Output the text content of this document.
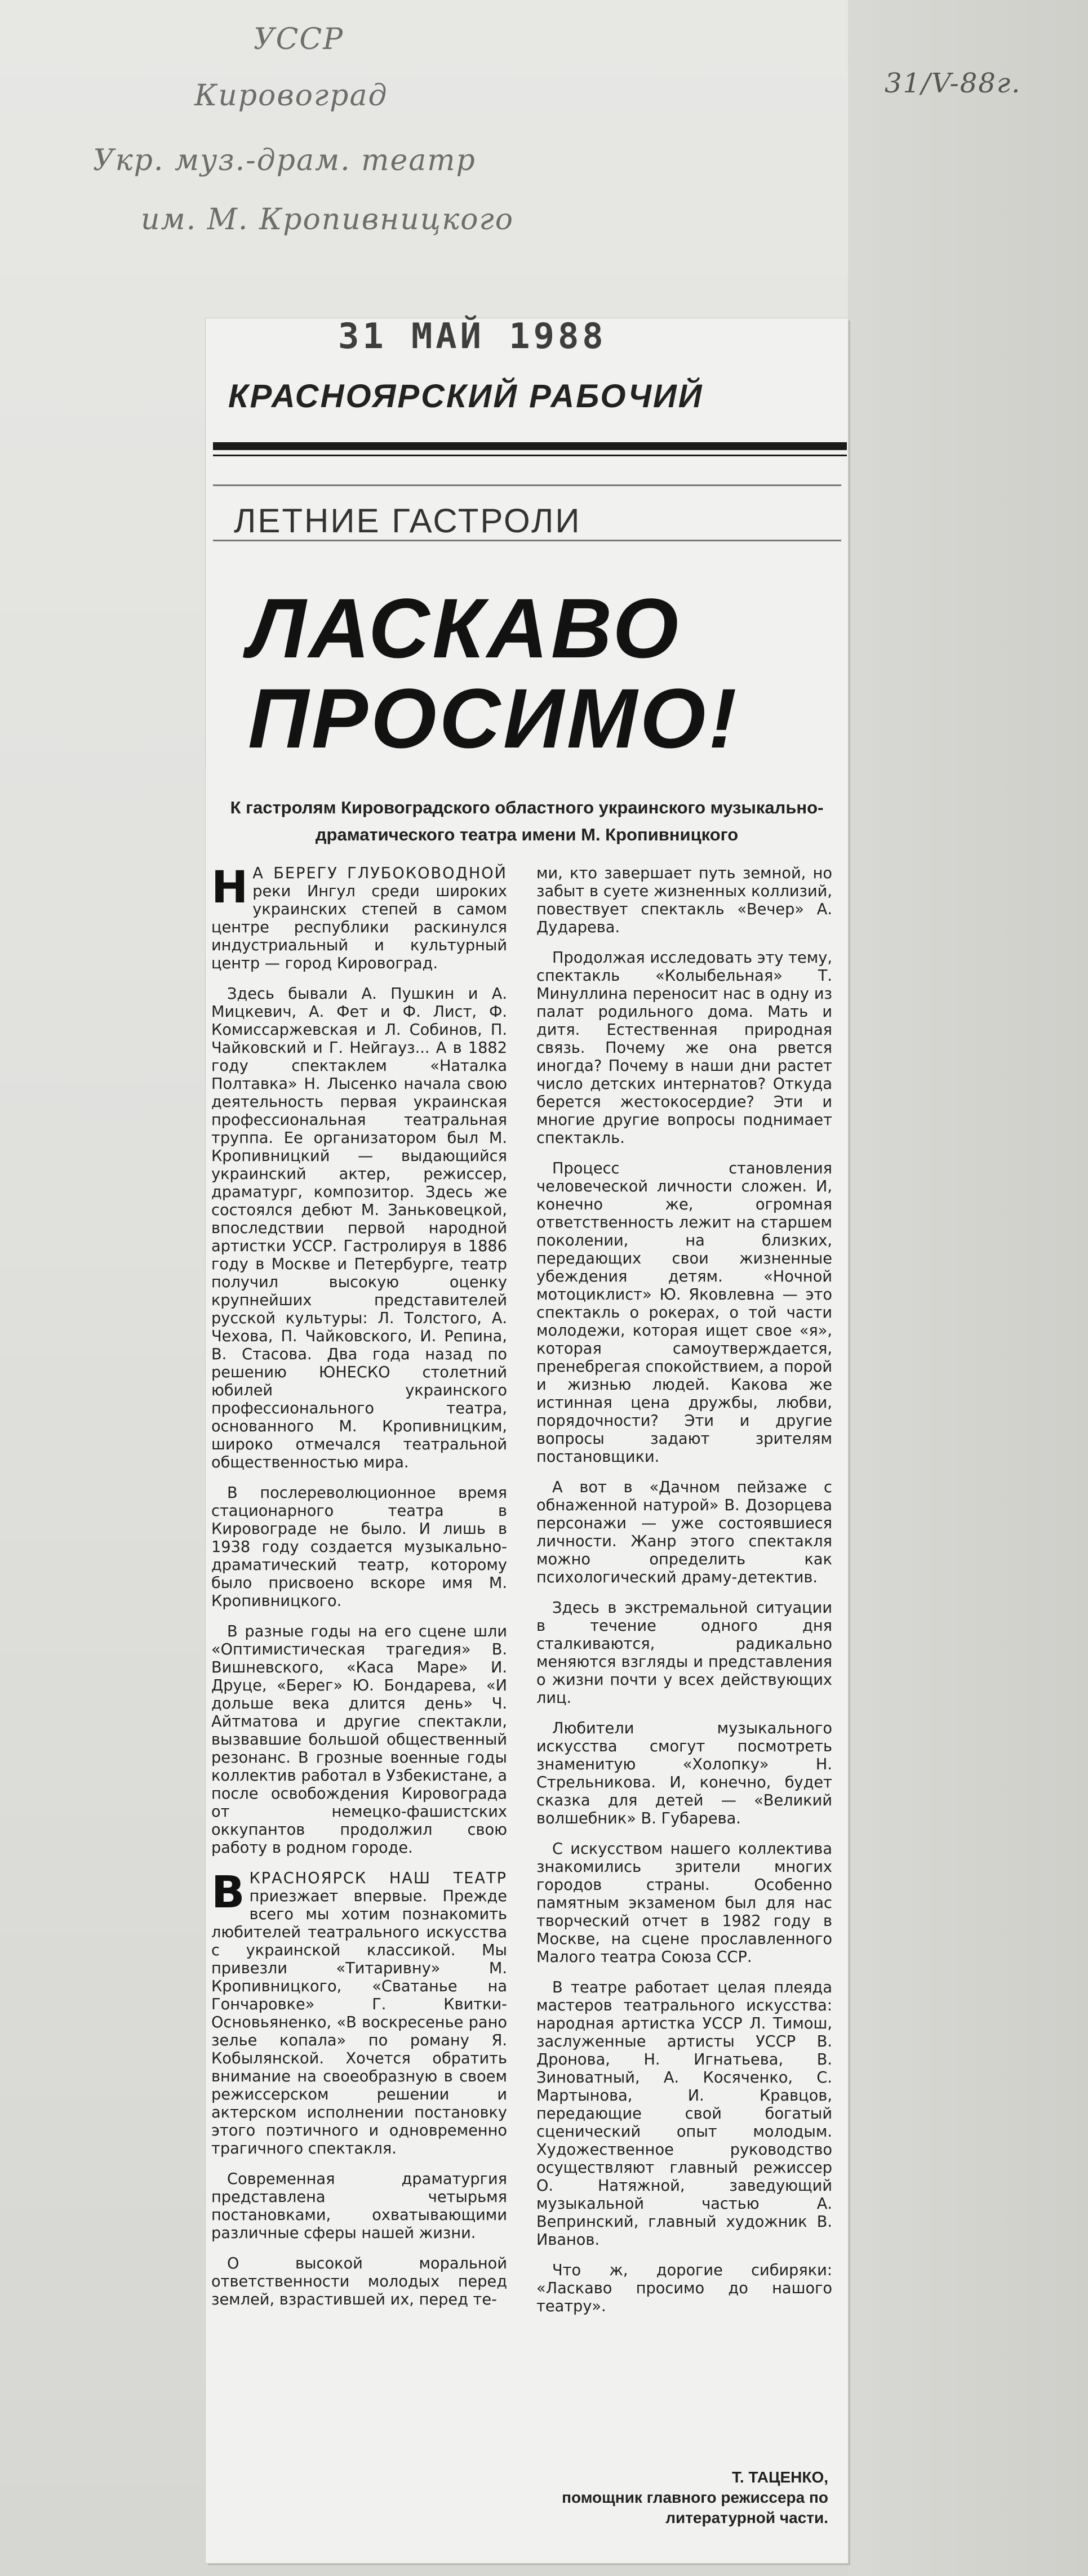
УССР
Кировоград
Укр. муз.-драм. театр
им. М. Кропивницкого
31/V-88г.
31 МАЙ 1988
КРАСНОЯРСКИЙ РАБОЧИЙ
ЛЕТНИЕ ГАСТРОЛИ
ЛАСКАВО
ПРОСИМО!
К гастролям Кировоградского областного украинского музыкально-драматического театра имени М. Кропивницкого

Н А БЕРЕГУ ГЛУБОКОВОДНОЙ реки Ингул среди широких украинских степей в самом центре республики раскинулся индустриальный и культурный центр — город Кировоград.

Здесь бывали А. Пушкин и А. Мицкевич, А. Фет и Ф. Лист, Ф. Комиссаржевская и Л. Собинов, П. Чайковский и Г. Нейгауз... А в 1882 году спектаклем «Наталка Полтавка» Н. Лысенко начала свою деятельность первая украинская профессиональная театральная труппа. Ее организатором был М. Кропивницкий — выдающийся украинский актер, режиссер, драматург, композитор. Здесь же состоялся дебют М. Заньковецкой, впоследствии первой народной артистки УССР. Гастролируя в 1886 году в Москве и Петербурге, театр получил высокую оценку крупнейших представителей русской культуры: Л. Толстого, А. Чехова, П. Чайковского, И. Репина, В. Стасова. Два года назад по решению ЮНЕСКО столетний юбилей украинского профессионального театра, основанного М. Кропивницким, широко отмечался театральной общественностью мира.

В послереволюционное время стационарного театра в Кировограде не было. И лишь в 1938 году создается музыкально-драматический театр, которому было присвоено вскоре имя М. Кропивницкого.

В разные годы на его сцене шли «Оптимистическая трагедия» В. Вишневского, «Каса Маре» И. Друце, «Берег» Ю. Бондарева, «И дольше века длится день» Ч. Айтматова и другие спектакли, вызвавшие большой общественный резонанс. В грозные военные годы коллектив работал в Узбекистане, а после освобождения Кировограда от немецко-фашистских оккупантов продолжил свою работу в родном городе.

В КРАСНОЯРСК НАШ ТЕАТР приезжает впервые. Прежде всего мы хотим познакомить любителей театрального искусства с украинской классикой. Мы привезли «Титаривну» М. Кропивницкого, «Сватанье на Гончаровке» Г. Квитки-Основьяненко, «В воскресенье рано зелье копала» по роману Я. Кобылянской. Хочется обратить внимание на своеобразную в своем режиссерском решении и актерском исполнении постановку этого поэтичного и одновременно трагичного спектакля.

Современная драматургия представлена четырьмя постановками, охватывающими различные сферы нашей жизни.

О высокой моральной ответственности молодых перед землей, взрастившей их, перед те-

ми, кто завершает путь земной, но забыт в суете жизненных коллизий, повествует спектакль «Вечер» А. Дударева.

Продолжая исследовать эту тему, спектакль «Колыбельная» Т. Минуллина переносит нас в одну из палат родильного дома. Мать и дитя. Естественная природная связь. Почему же она рвется иногда? Почему в наши дни растет число детских интернатов? Откуда берется жестокосердие? Эти и многие другие вопросы поднимает спектакль.

Процесс становления человеческой личности сложен. И, конечно же, огромная ответственность лежит на старшем поколении, на близких, передающих свои жизненные убеждения детям. «Ночной мотоциклист» Ю. Яковлевна — это спектакль о рокерах, о той части молодежи, которая ищет свое «я», которая самоутверждается, пренебрегая спокойствием, а порой и жизнью людей. Какова же истинная цена дружбы, любви, порядочности? Эти и другие вопросы задают зрителям постановщики.

А вот в «Дачном пейзаже с обнаженной натурой» В. Дозорцева персонажи — уже состоявшиеся личности. Жанр этого спектакля можно определить как психологический драму-детектив.

Здесь в экстремальной ситуации в течение одного дня сталкиваются, радикально меняются взгляды и представления о жизни почти у всех действующих лиц.

Любители музыкального искусства смогут посмотреть знаменитую «Холопку» Н. Стрельникова. И, конечно, будет сказка для детей — «Великий волшебник» В. Губарева.

С искусством нашего коллектива знакомились зрители многих городов страны. Особенно памятным экзаменом был для нас творческий отчет в 1982 году в Москве, на сцене прославленного Малого театра Союза ССР.

В театре работает целая плеяда мастеров театрального искусства: народная артистка УССР Л. Тимош, заслуженные артисты УССР В. Дронова, Н. Игнатьева, В. Зиноватный, А. Косяченко, С. Мартынова, И. Кравцов, передающие свой богатый сценический опыт молодым. Художественное руководство осуществляют главный режиссер О. Натяжной, заведующий музыкальной частью А. Вепринский, главный художник В. Иванов.

Что ж, дорогие сибиряки: «Ласкаво просимо до нашого театру».

Т. ТАЦЕНКО,
помощник главного режиссера по литературной части.
